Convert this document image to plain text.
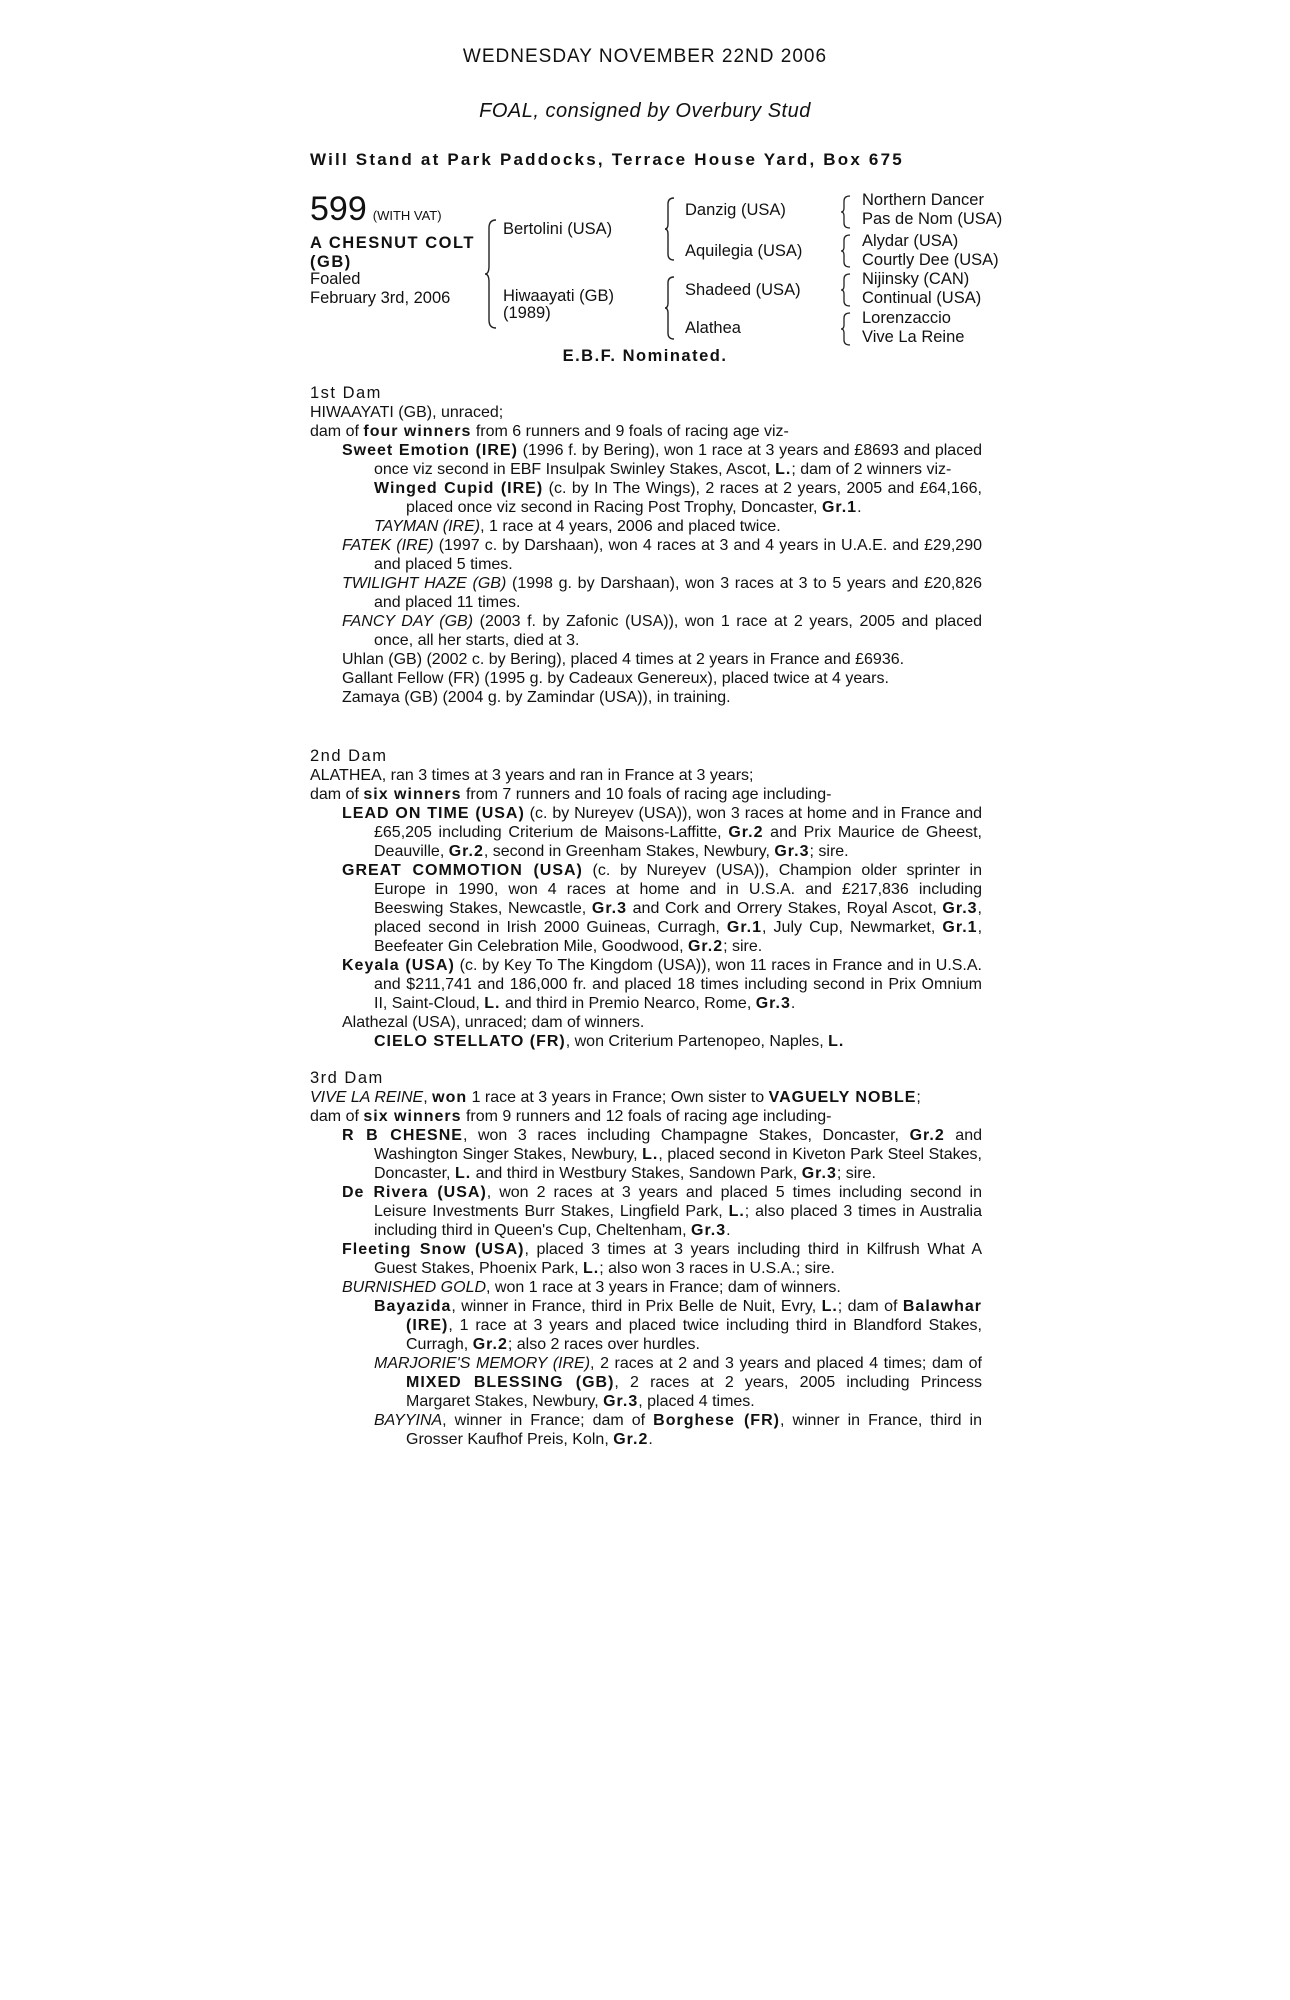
WEDNESDAY NOVEMBER 22ND 2006
FOAL, consigned by Overbury Stud
Will Stand at Park Paddocks, Terrace House Yard, Box 675
599 (WITH VAT)
A CHESNUT COLT
(GB)
Foaled
February 3rd, 2006
Bertolini (USA)
Hiwaayati (GB)
(1989)
Danzig (USA)
Aquilegia (USA)
Shadeed (USA)
Alathea
Northern Dancer
Pas de Nom (USA)
Alydar (USA)
Courtly Dee (USA)
Nijinsky (CAN)
Continual (USA)
Lorenzaccio
Vive La Reine
E.B.F. Nominated.
1st Dam
HIWAAYATI (GB), unraced;
dam of four winners from 6 runners and 9 foals of racing age viz-
Sweet Emotion (IRE) (1996 f. by Bering), won 1 race at 3 years and £8693 and placed once viz second in EBF Insulpak Swinley Stakes, Ascot, L.; dam of 2 winners viz-
Winged Cupid (IRE) (c. by In The Wings), 2 races at 2 years, 2005 and £64,166, placed once viz second in Racing Post Trophy, Doncaster, Gr.1.
TAYMAN (IRE), 1 race at 4 years, 2006 and placed twice.
FATEK (IRE) (1997 c. by Darshaan), won 4 races at 3 and 4 years in U.A.E. and £29,290 and placed 5 times.
TWILIGHT HAZE (GB) (1998 g. by Darshaan), won 3 races at 3 to 5 years and £20,826 and placed 11 times.
FANCY DAY (GB) (2003 f. by Zafonic (USA)), won 1 race at 2 years, 2005 and placed once, all her starts, died at 3.
Uhlan (GB) (2002 c. by Bering), placed 4 times at 2 years in France and £6936.
Gallant Fellow (FR) (1995 g. by Cadeaux Genereux), placed twice at 4 years.
Zamaya (GB) (2004 g. by Zamindar (USA)), in training.
2nd Dam
ALATHEA, ran 3 times at 3 years and ran in France at 3 years;
dam of six winners from 7 runners and 10 foals of racing age including-
LEAD ON TIME (USA) (c. by Nureyev (USA)), won 3 races at home and in France and £65,205 including Criterium de Maisons-Laffitte, Gr.2 and Prix Maurice de Gheest, Deauville, Gr.2, second in Greenham Stakes, Newbury, Gr.3; sire.
GREAT COMMOTION (USA) (c. by Nureyev (USA)), Champion older sprinter in Europe in 1990, won 4 races at home and in U.S.A. and £217,836 including Beeswing Stakes, Newcastle, Gr.3 and Cork and Orrery Stakes, Royal Ascot, Gr.3, placed second in Irish 2000 Guineas, Curragh, Gr.1, July Cup, Newmarket, Gr.1, Beefeater Gin Celebration Mile, Goodwood, Gr.2; sire.
Keyala (USA) (c. by Key To The Kingdom (USA)), won 11 races in France and in U.S.A. and $211,741 and 186,000 fr. and placed 18 times including second in Prix Omnium II, Saint-Cloud, L. and third in Premio Nearco, Rome, Gr.3.
Alathezal (USA), unraced; dam of winners.
CIELO STELLATO (FR), won Criterium Partenopeo, Naples, L.
3rd Dam
VIVE LA REINE, won 1 race at 3 years in France; Own sister to VAGUELY NOBLE;
dam of six winners from 9 runners and 12 foals of racing age including-
R B CHESNE, won 3 races including Champagne Stakes, Doncaster, Gr.2 and Washington Singer Stakes, Newbury, L., placed second in Kiveton Park Steel Stakes, Doncaster, L. and third in Westbury Stakes, Sandown Park, Gr.3; sire.
De Rivera (USA), won 2 races at 3 years and placed 5 times including second in Leisure Investments Burr Stakes, Lingfield Park, L.; also placed 3 times in Australia including third in Queen's Cup, Cheltenham, Gr.3.
Fleeting Snow (USA), placed 3 times at 3 years including third in Kilfrush What A Guest Stakes, Phoenix Park, L.; also won 3 races in U.S.A.; sire.
BURNISHED GOLD, won 1 race at 3 years in France; dam of winners.
Bayazida, winner in France, third in Prix Belle de Nuit, Evry, L.; dam of Balawhar (IRE), 1 race at 3 years and placed twice including third in Blandford Stakes, Curragh, Gr.2; also 2 races over hurdles.
MARJORIE'S MEMORY (IRE), 2 races at 2 and 3 years and placed 4 times; dam of MIXED BLESSING (GB), 2 races at 2 years, 2005 including Princess Margaret Stakes, Newbury, Gr.3, placed 4 times.
BAYYINA, winner in France; dam of Borghese (FR), winner in France, third in Grosser Kaufhof Preis, Koln, Gr.2.
